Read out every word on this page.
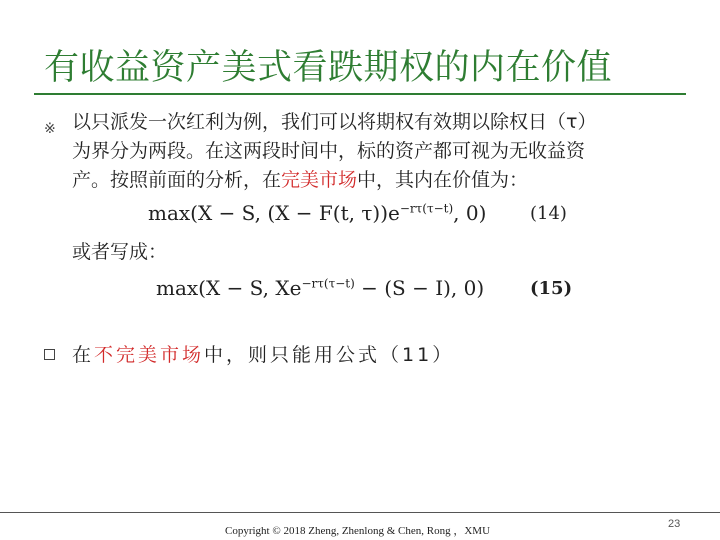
有收益资产美式看跌期权的内在价值
※ 以只派发一次红利为例，我们可以将期权有效期以除权日（τ）
为界分为两段。在这两段时间中，标的资产都可视为无收益资
产。按照前面的分析，在完美市场中，其内在价值为：
max(X − S, (X − F(t, $\tau))e^{-r\tau(\tau-t)}$, 0) (14)
或者写成：
max(X − S, $Xe^{-r\tau(\tau-t)} - (S - I)$, 0)	(15)
在不完美市场中，则只能用公式（11）
Copyright © 2018 Zheng, Zhenlong & Chen, Rong ，XMU
23
